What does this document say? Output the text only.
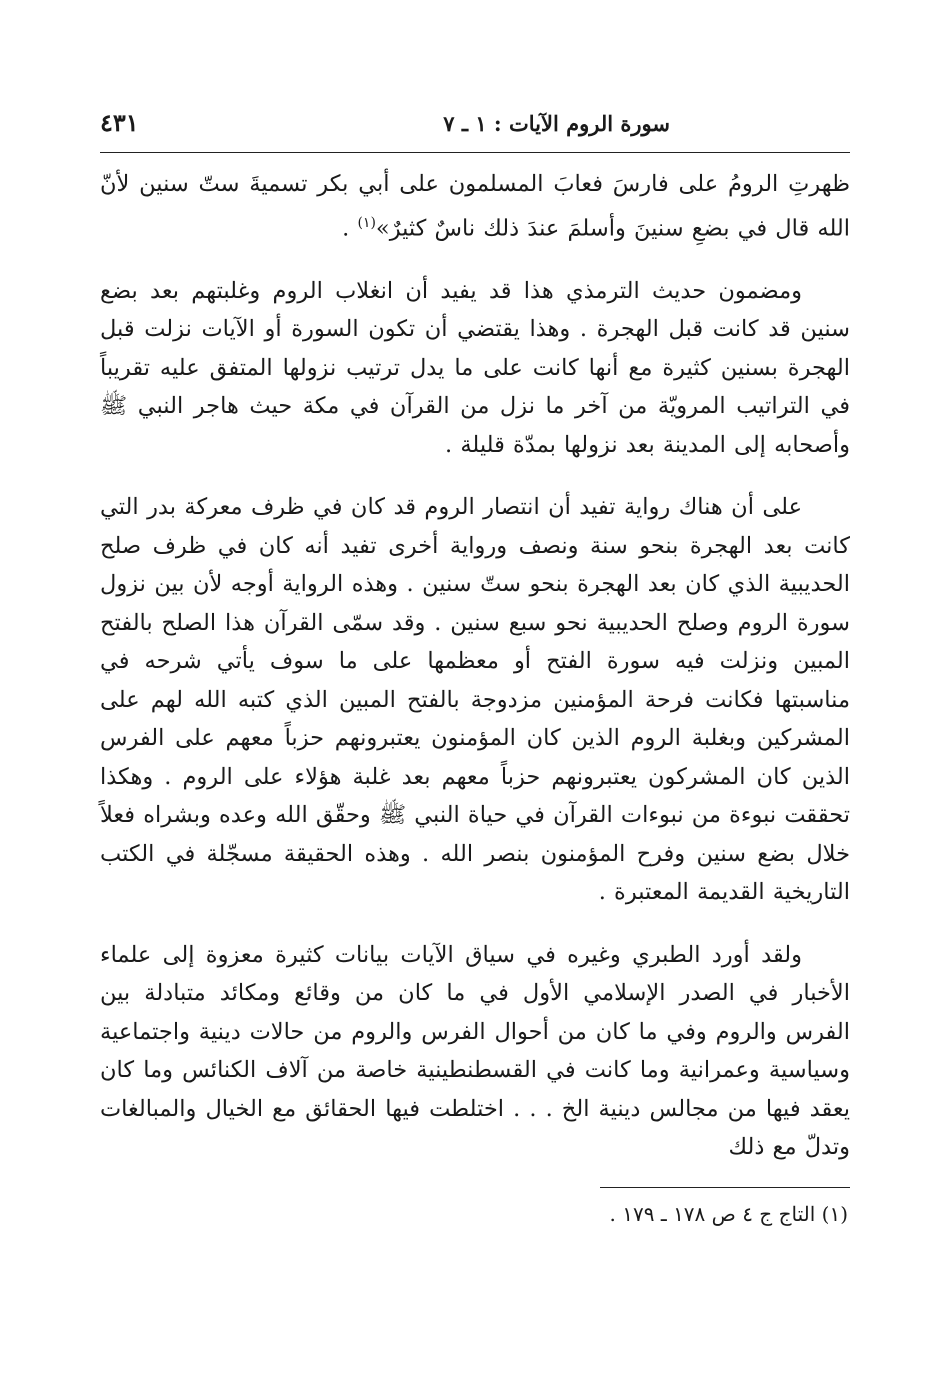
سورة الروم الآيات : ١ ـ ٧
٤٣١

ظهرتِ الرومُ على فارسَ فعابَ المسلمون على أبي بكر تسميةَ ستّ سنين لأنّ الله قال في بضعِ سنينَ وأسلمَ عندَ ذلك ناسٌ كثيرٌ»$^{(١)}$ .

ومضمون حديث الترمذي هذا قد يفيد أن انغلاب الروم وغلبتهم بعد بضع سنين قد كانت قبل الهجرة . وهذا يقتضي أن تكون السورة أو الآيات نزلت قبل الهجرة بسنين كثيرة مع أنها كانت على ما يدل ترتيب نزولها المتفق عليه تقريباً في التراتيب المرويّة من آخر ما نزل من القرآن في مكة حيث هاجر النبي ﷺ وأصحابه إلى المدينة بعد نزولها بمدّة قليلة .

على أن هناك رواية تفيد أن انتصار الروم قد كان في ظرف معركة بدر التي كانت بعد الهجرة بنحو سنة ونصف ورواية أخرى تفيد أنه كان في ظرف صلح الحديبية الذي كان بعد الهجرة بنحو ستّ سنين . وهذه الرواية أوجه لأن بين نزول سورة الروم وصلح الحديبية نحو سبع سنين . وقد سمّى القرآن هذا الصلح بالفتح المبين ونزلت فيه سورة الفتح أو معظمها على ما سوف يأتي شرحه في مناسبتها فكانت فرحة المؤمنين مزدوجة بالفتح المبين الذي كتبه الله لهم على المشركين وبغلبة الروم الذين كان المؤمنون يعتبرونهم حزباً معهم على الفرس الذين كان المشركون يعتبرونهم حزباً معهم بعد غلبة هؤلاء على الروم . وهكذا تحققت نبوءة من نبوءات القرآن في حياة النبي ﷺ وحقّق الله وعده وبشراه فعلاً خلال بضع سنين وفرح المؤمنون بنصر الله . وهذه الحقيقة مسجّلة في الكتب التاريخية القديمة المعتبرة .

ولقد أورد الطبري وغيره في سياق الآيات بيانات كثيرة معزوة إلى علماء الأخبار في الصدر الإسلامي الأول في ما كان من وقائع ومكائد متبادلة بين الفرس والروم وفي ما كان من أحوال الفرس والروم من حالات دينية واجتماعية وسياسية وعمرانية وما كانت في القسطنطينية خاصة من آلاف الكنائس وما كان يعقد فيها من مجالس دينية الخ . . . اختلطت فيها الحقائق مع الخيال والمبالغات وتدلّ مع ذلك

(١) التاج ج ٤ ص ١٧٨ ـ ١٧٩ .
